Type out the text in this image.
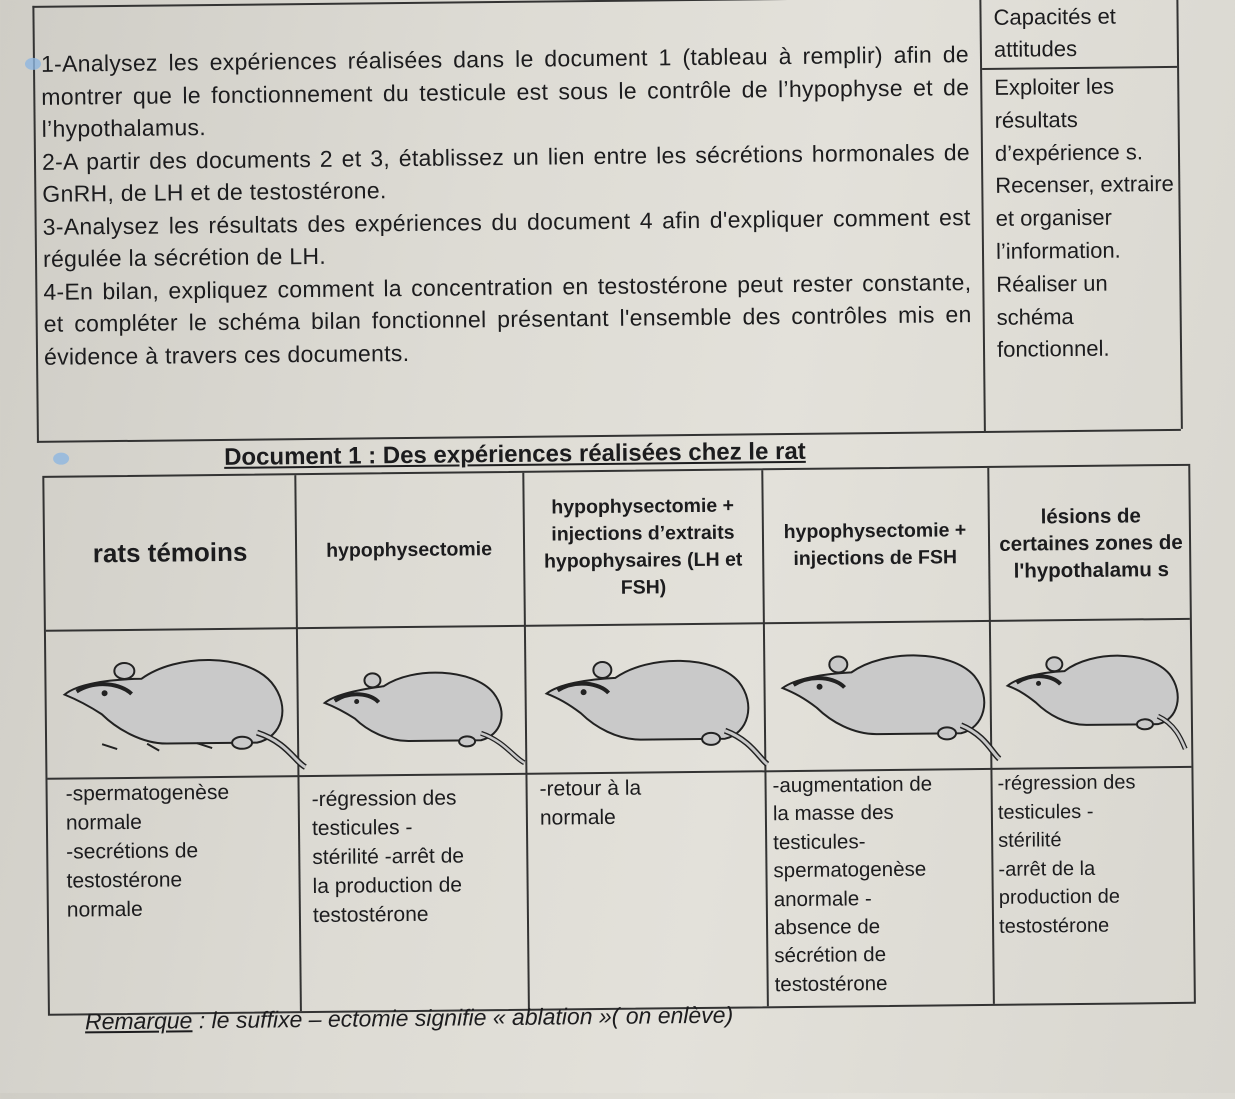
1-Analysez les expériences réalisées dans le document 1 (tableau à remplir) afin de montrer que le fonctionnement du testicule est sous le contrôle de l’hypophyse et de l’hypothalamus.

2-A partir des documents 2 et 3, établissez un lien entre les sécrétions hormonales de GnRH, de LH et de testostérone.

3-Analysez les résultats des expériences du document 4 afin d'expliquer comment est régulée la sécrétion de LH.

4-En bilan, expliquez comment la concentration en testostérone peut rester constante, et compléter le schéma bilan fonctionnel présentant l'ensemble des contrôles mis en évidence à travers ces documents.

Capacités et attitudes
Exploiter les résultats d’expérience s.
Recenser, extraire et organiser l’information.
Réaliser un schéma fonctionnel.
Document 1 : Des expériences réalisées chez le rat
rats témoins	hypophysectomie
hypophysectomie + injections d’extraits hypophysaires (LH et FSH)
hypophysectomie + injections de FSH
lésions de certaines zones de l'hypothalamu s
-spermatogenèse
normale
-secrétions de
testostérone
normale
-régression des
testicules -
stérilité -arrêt de
la production de
testostérone
-retour à la
normale
-augmentation de
la masse des
testicules-
spermatogenèse
anormale -
absence de
sécrétion de
testostérone
-régression des
testicules -
stérilité
-arrêt de la
production de
testostérone
Remarque : le suffixe – ectomie signifie « ablation »( on enlève)
